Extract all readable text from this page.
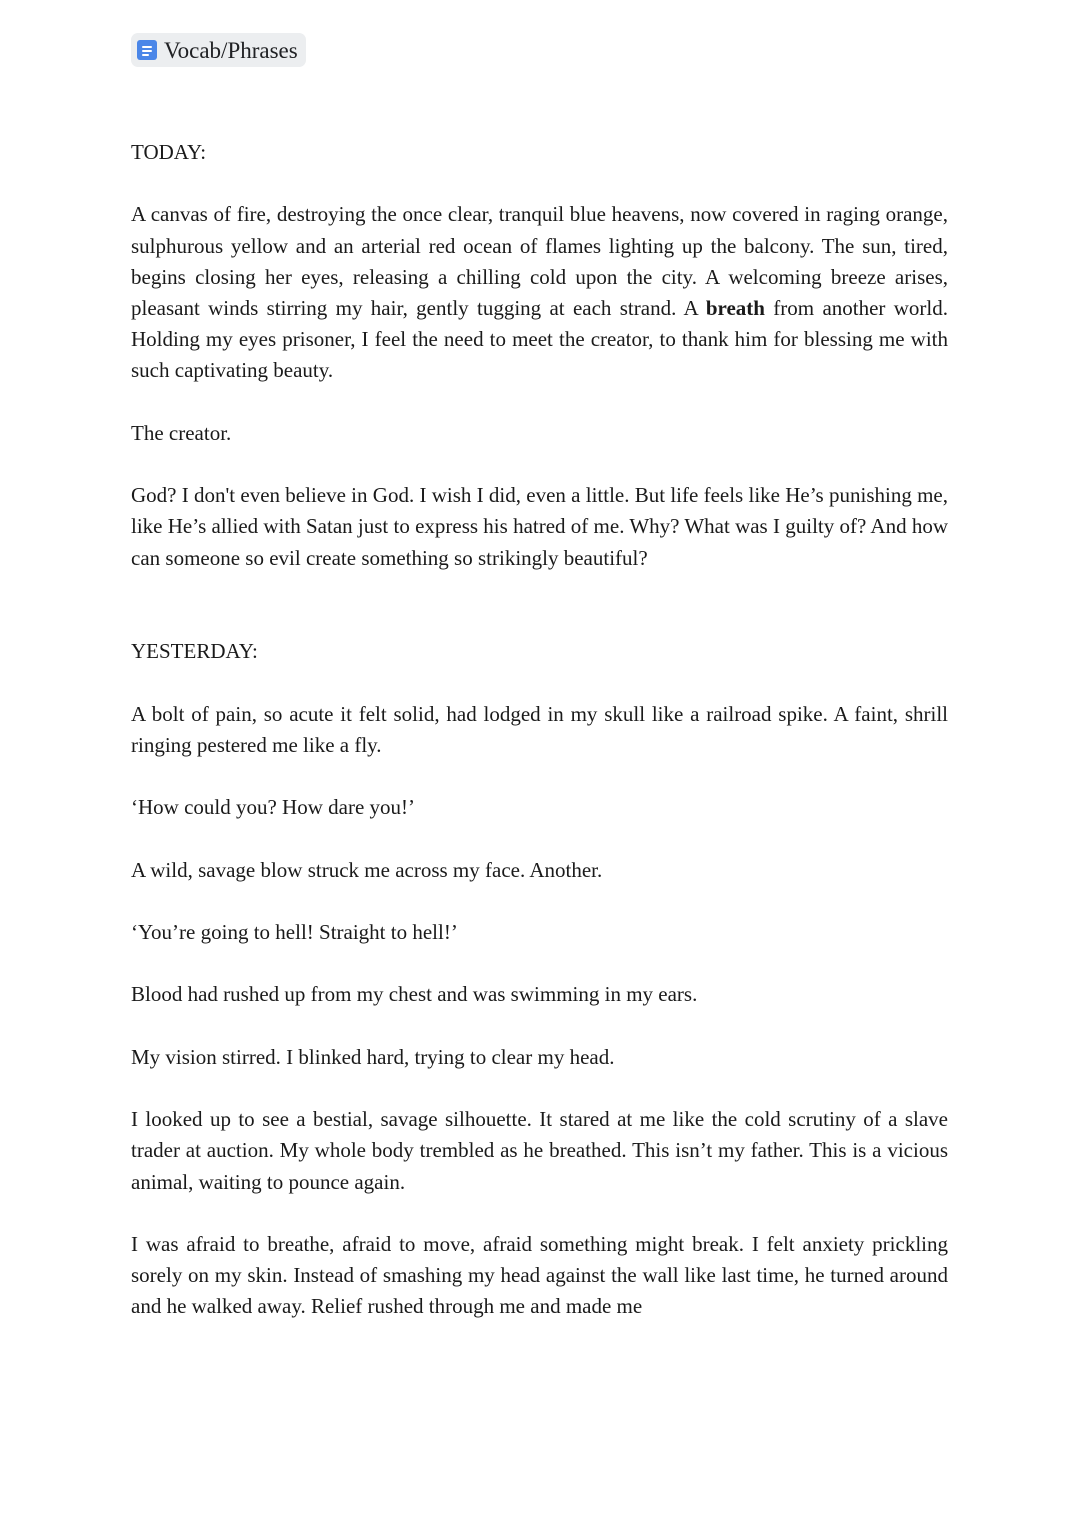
Vocab/Phrases

TODAY:

A canvas of fire, destroying the once clear, tranquil blue heavens, now covered in raging orange, sulphurous yellow and an arterial red ocean of flames lighting up the balcony. The sun, tired, begins closing her eyes, releasing a chilling cold upon the city. A welcoming breeze arises, pleasant winds stirring my hair, gently tugging at each strand. A breath from another world. Holding my eyes prisoner, I feel the need to meet the creator, to thank him for blessing me with such captivating beauty.

The creator.

God? I don't even believe in God. I wish I did, even a little. But life feels like He’s punishing me, like He’s allied with Satan just to express his hatred of me. Why? What was I guilty of? And how can someone so evil create something so strikingly beautiful?

YESTERDAY:

A bolt of pain, so acute it felt solid, had lodged in my skull like a railroad spike. A faint, shrill ringing pestered me like a fly.

‘How could you? How dare you!’

A wild, savage blow struck me across my face. Another.

‘You’re going to hell! Straight to hell!’

Blood had rushed up from my chest and was swimming in my ears.

My vision stirred. I blinked hard, trying to clear my head.

I looked up to see a bestial, savage silhouette. It stared at me like the cold scrutiny of a slave trader at auction. My whole body trembled as he breathed. This isn’t my father. This is a vicious animal, waiting to pounce again.

I was afraid to breathe, afraid to move, afraid something might break. I felt anxiety prickling sorely on my skin. Instead of smashing my head against the wall like last time, he turned around and he walked away. Relief rushed through me and made me
